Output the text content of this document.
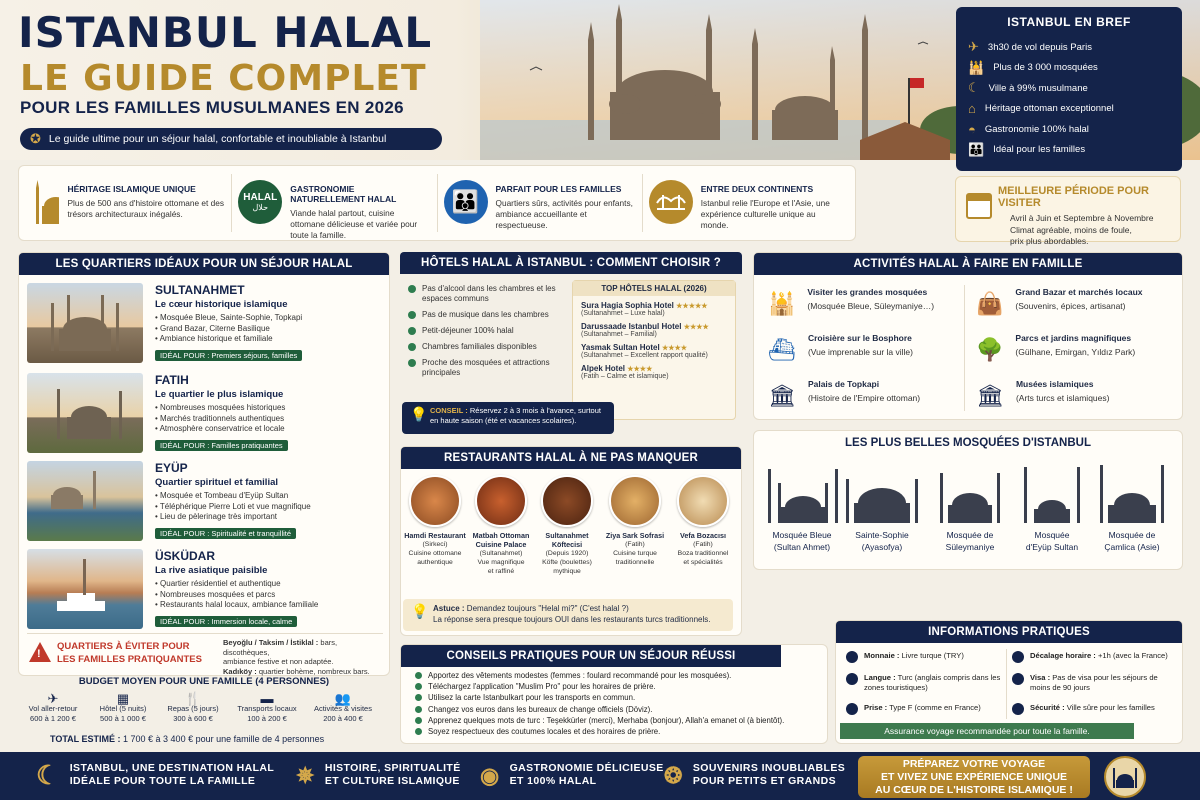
ISTANBUL HALAL
LE GUIDE COMPLET
POUR LES FAMILLES MUSULMANES EN 2026
✪ Le guide ultime pour un séjour halal, confortable et inoubliable à Istanbul
ISTANBUL EN BREF
✈ 3h30 de vol depuis Paris
🕌 Plus de 3 000 mosquées
☾ Ville à 99% musulmane
⌂ Héritage ottoman exceptionnel
◓ Gastronomie 100% halal
👪 Idéal pour les familles
HÉRITAGE ISLAMIQUE UNIQUE

Plus de 500 ans d'histoire ottomane et des trésors architecturaux inégalés.

HALAL
حلال
GASTRONOMIE NATURELLEMENT HALAL

Viande halal partout, cuisine ottomane délicieuse et variée pour toute la famille.

👪	PARFAIT POUR LES FAMILLES

Quartiers sûrs, activités pour enfants, ambiance accueillante et respectueuse.

ENTRE DEUX CONTINENTS

Istanbul relie l'Europe et l'Asie, une expérience culturelle unique au monde.

MEILLEURE PÉRIODE POUR VISITER

Avril à Juin et Septembre à Novembre

Climat agréable, moins de foule,

prix plus abordables.

LES QUARTIERS IDÉAUX POUR UN SÉJOUR HALAL
SULTANAHMET
Le cœur historique islamique
• Mosquée Bleue, Sainte-Sophie, Topkapi
• Grand Bazar, Citerne Basilique
• Ambiance historique et familiale
IDÉAL POUR : Premiers séjours, familles
FATIH
Le quartier le plus islamique
• Nombreuses mosquées historiques
• Marchés traditionnels authentiques
• Atmosphère conservatrice et locale
IDÉAL POUR : Familles pratiquantes
EYÜP
Quartier spirituel et familial
• Mosquée et Tombeau d'Eyüp Sultan
• Téléphérique Pierre Loti et vue magnifique
• Lieu de pèlerinage très important
IDÉAL POUR : Spiritualité et tranquillité
ÜSKÜDAR
La rive asiatique paisible
• Quartier résidentiel et authentique
• Nombreuses mosquées et parcs
• Restaurants halal locaux, ambiance familiale
IDÉAL POUR : Immersion locale, calme
!
QUARTIERS À ÉVITER POUR
LES FAMILLES PRATIQUANTES
Beyoğlu / Taksim / İstiklal : bars, discothèques,
ambiance festive et non adaptée.
Kadıköy : quartier bohème, nombreux bars.
BUDGET MOYEN POUR UNE FAMILLE (4 PERSONNES)
✈
Vol aller-retour
600 à 1 200 €
▦
Hôtel (5 nuits)
500 à 1 000 €
🍴
Repas (5 jours)
300 à 600 €
▬
Transports locaux
100 à 200 €
👥
Activités & visites
200 à 400 €
TOTAL ESTIMÉ : 1 700 € à 3 400 € pour une famille de 4 personnes
HÔTELS HALAL À ISTANBUL : COMMENT CHOISIR ?
Pas d'alcool dans les chambres et les espaces communs
Pas de musique dans les chambres
Petit-déjeuner 100% halal
Chambres familiales disponibles
Proche des mosquées et attractions principales
TOP HÔTELS HALAL (2026)
Sura Hagia Sophia Hotel ★★★★★
(Sultanahmet – Luxe halal)
Darussaade Istanbul Hotel ★★★★
(Sultanahmet – Familial)
Yasmak Sultan Hotel ★★★★
(Sultanahmet – Excellent rapport qualité)
Alpek Hotel ★★★★
(Fatih – Calme et islamique)
💡 CONSEIL : Réservez 2 à 3 mois à l'avance, surtout en haute saison (été et vacances scolaires).
RESTAURANTS HALAL À NE PAS MANQUER
Hamdi Restaurant
(Sirkeci)
Cuisine ottomane
authentique
Matbah Ottoman Cuisine Palace
(Sultanahmet)
Vue magnifique
et raffiné
Sultanahmet Köftecisi
(Depuis 1920)
Köfte (boulettes)
mythique
Ziya Sark Sofrasi
(Fatih)
Cuisine turque
traditionnelle
Vefa Bozacısı
(Fatih)
Boza traditionnel
et spécialités
💡 Astuce : Demandez toujours "Helal mi?" (C'est halal ?)
La réponse sera presque toujours OUI dans les restaurants turcs traditionnels.
CONSEILS PRATIQUES POUR UN SÉJOUR RÉUSSI
Apportez des vêtements modestes (femmes : foulard recommandé pour les mosquées).
Téléchargez l'application "Muslim Pro" pour les horaires de prière.
Utilisez la carte Istanbulkart pour les transports en commun.
Changez vos euros dans les bureaux de change officiels (Döviz).
Apprenez quelques mots de turc : Teşekkürler (merci), Merhaba (bonjour), Allah'a emanet ol (à bientôt).
Soyez respectueux des coutumes locales et des horaires de prière.
ACTIVITÉS HALAL À FAIRE EN FAMILLE
🕌 Visiter les grandes mosquées
(Mosquée Bleue, Süleymaniye…)
⛴ Croisière sur le Bosphore
(Vue imprenable sur la ville)
🏛 Palais de Topkapi
(Histoire de l'Empire ottoman)
👜 Grand Bazar et marchés locaux
(Souvenirs, épices, artisanat)
🌳 Parcs et jardins magnifiques
(Gülhane, Emirgan, Yıldız Park)
🏛 Musées islamiques
(Arts turcs et islamiques)
LES PLUS BELLES MOSQUÉES D'ISTANBUL
Mosquée Bleue
(Sultan Ahmet)
Sainte-Sophie
(Ayasofya)
Mosquée de
Süleymaniye
Mosquée
d'Eyüp Sultan
Mosquée de
Çamlica (Asie)
INFORMATIONS PRATIQUES
Monnaie : Livre turque (TRY)
Langue : Turc (anglais compris dans les zones touristiques)
Prise : Type F (comme en France)
Décalage horaire : +1h (avec la France)
Visa : Pas de visa pour les séjours de moins de 90 jours
Sécurité : Ville sûre pour les familles
Assurance voyage recommandée pour toute la famille.
☾ ISTANBUL, UNE DESTINATION HALAL
IDÉALE POUR TOUTE LA FAMILLE	✵ HISTOIRE, SPIRITUALITÉ
ET CULTURE ISLAMIQUE ◉ GASTRONOMIE DÉLICIEUSE
ET 100% HALAL	❂ SOUVENIRS INOUBLIABLES
POUR PETITS ET GRANDS
PRÉPAREZ VOTRE VOYAGE
ET VIVEZ UNE EXPÉRIENCE UNIQUE
AU CŒUR DE L'HISTOIRE ISLAMIQUE !
